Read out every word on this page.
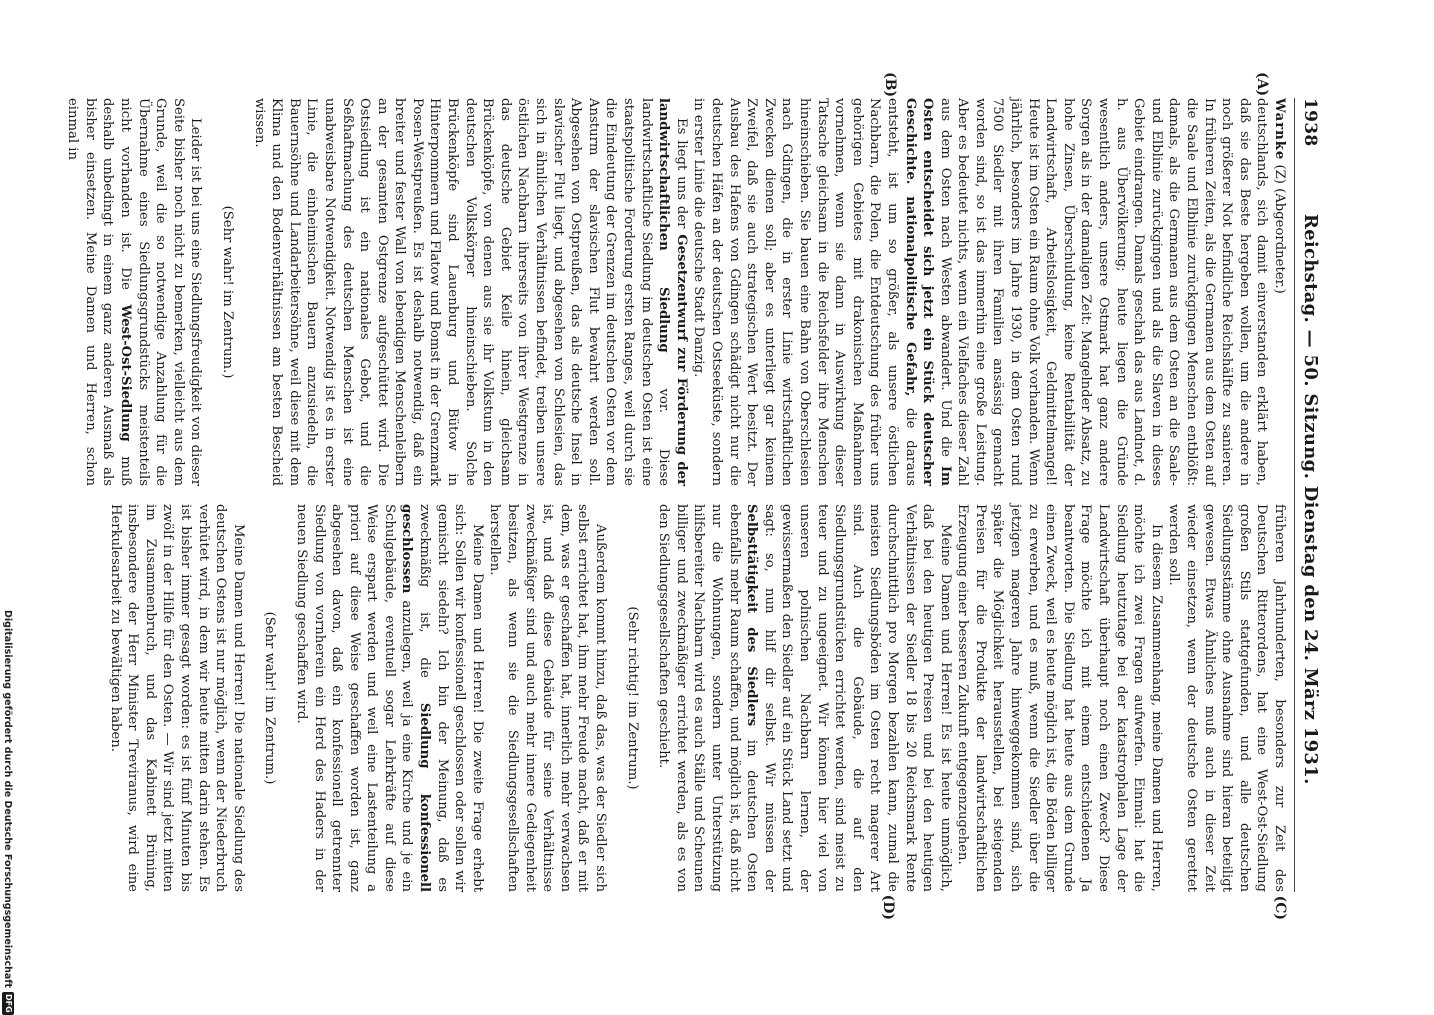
1938
Reichstag. — 50. Sitzung. Dienstag den 24. März 1931.
(A)
(B)

Warnke (Z) (Abgeordneter.)

deutschlands, sich damit einverstanden erklärt haben, daß sie das Beste hergeben wollen, um die andere in noch größerer Not befindliche Reichshälfte zu sanieren. In früheren Zeiten, als die Germanen aus dem Osten auf die Saale und Elblinie zurückgingen Menschen entblößt: damals, als die Germanen aus dem Osten an die Saale- und Elblinie zurückgingen und als die Slaven in dieses Gebiet eindrangen. Damals geschah das aus Landnot, d. h. aus Übervölkerung; heute liegen die Gründe wesentlich anders, unsere Ostmark hat ganz andere Sorgen als in der damaligen Zeit: Mangelnder Absatz, zu hohe Zinsen, Überschuldung, keine Rentabilität der Landwirtschaft, Arbeitslosigkeit, Geldmittelmangel! Heute ist im Osten ein Raum ohne Volk vorhanden. Wenn jährlich, besonders im Jahre 1930, in dem Osten rund 7500 Siedler mit ihren Familien ansässig gemacht worden sind, so ist das immerhin eine große Leistung. Aber es bedeutet nichts, wenn ein Vielfaches dieser Zahl aus dem Osten nach Westen abwandert. Und die Im Osten entscheidet sich jetzt ein Stück deutscher Geschichte. nationalpolitische Gefahr, die daraus entsteht, ist um so größer, als unsere östlichen Nachbarn, die Polen, die Entdeutschung des früher uns gehörigen Gebietes mit drakonischen Maßnahmen vornehmen, wenn sie dann in Auswirkung dieser Tatsache gleichsam in die Reichsfelder ihre Menschen hineinschieben. Sie bauen eine Bahn von Oberschlesien nach Gdingen, die in erster Linie wirtschaftlichen Zwecken dienen soll; aber es unterliegt gar keinem Zweifel, daß sie auch strategischen Wert besitzt. Der Ausbau des Hafens von Gdingen schädigt nicht nur die deutschen Häfen an der deutschen Ostseeküste, sondern in erster Linie die deutsche Stadt Danzig.

Es liegt uns der Gesetzentwurf zur Förderung der landwirtschaftlichen Siedlung vor. Diese landwirtschaftliche Siedlung im deutschen Osten ist eine staatspolitische Forderung ersten Ranges, weil durch sie die Eindeutung der Grenzen im deutschen Osten vor dem Ansturm der slavischen Flut bewahrt werden soll. Abgesehen von Ostpreußen, das als deutsche Insel in slavischer Flut liegt, und abgesehen von Schlesien, das sich in ähnlichen Verhältnissen befindet, treiben unsere östlichen Nachbarn ihrerseits von ihrer Westgrenze in das deutsche Gebiet Keile hinein, gleichsam Brückenköpfe, von denen aus sie ihr Volkstum in den deutschen Volkskörper hineinschieben. Solche Brückenköpfe sind Lauenburg und Bütow in Hinterpommern und Flatow und Bomst in der Grenzmark Posen-Westpreußen. Es ist deshalb notwendig, daß ein breiter und fester Wall von lebendigen Menschenleibern an der gesamten Ostgrenze aufgeschüttet wird. Die Ostsiedlung ist ein nationales Gebot, und die Seßhaftmachung des deutschen Menschen ist eine unabweisbare Notwendigkeit. Notwendig ist es in erster Linie, die einheimischen Bauern anzusiedeln, die Bauernsöhne und Landarbeitersöhne, weil diese mit dem Klima und den Bodenverhältnissen am besten Bescheid wissen.

(Sehr wahr! im Zentrum.)

Leider ist bei uns eine Siedlungsfreudigkeit von dieser Seite bisher noch nicht zu bemerken, vielleicht aus dem Grunde, weil die so notwendige Anzahlung für die Übernahme eines Siedlungsgrundstücks meistenteils nicht vorhanden ist. Die West-Ost-Siedlung muß deshalb unbedingt in einem ganz anderen Ausmaß als bisher einsetzen. Meine Damen und Herren, schon einmal in

(C)
(D)

früheren Jahrhunderten, besonders zur Zeit des Deutschen Ritterordens, hat eine West-Ost-Siedlung großen Stils stattgefunden, und alle deutschen Siedlungsstämme ohne Ausnahme sind hieran beteiligt gewesen. Etwas Ähnliches muß auch in dieser Zeit wieder einsetzen, wenn der deutsche Osten gerettet werden soll.

In diesem Zusammenhang, meine Damen und Herren, möchte ich zwei Fragen aufwerfen. Einmal: hat die Siedlung heutzutage bei der katastrophalen Lage der Landwirtschaft überhaupt noch einen Zweck? Diese Frage möchte ich mit einem entschiedenen Ja beantworten. Die Siedlung hat heute aus dem Grunde einen Zweck, weil es heute möglich ist, die Böden billiger zu erwerben, und es muß, wenn die Siedler über die jetzigen mageren Jahre hinweggekommen sind, sich später die Möglichkeit herausstellen, bei steigenden Preisen für die Produkte der landwirtschaftlichen Erzeugung einer besseren Zukunft entgegenzugehen.

Meine Damen und Herren! Es ist heute unmöglich, daß bei den heutigen Preisen und bei den heutigen Verhältnissen der Siedler 18 bis 20 Reichsmark Rente durchschnittlich pro Morgen bezahlen kann, zumal die meisten Siedlungsböden im Osten recht magerer Art sind. Auch die Gebäude, die auf den Siedlungsgrundstücken errichtet werden, sind meist zu teuer und zu ungeeignet. Wir können hier viel von unseren polnischen Nachbarn lernen, der gewissermaßen den Siedler auf ein Stück Land setzt und sagt: so, nun hilf dir selbst. Wir müssen der Selbsttätigkeit des Siedlers im deutschen Osten ebenfalls mehr Raum schaffen, und möglich ist, daß nicht nur die Wohnungen, sondern unter Unterstützung hilfsbereiter Nachbarn wird es auch Ställe und Scheunen billiger und zweckmäßiger errichtet werden, als es von den Siedlungsgesellschaften geschieht.

(Sehr richtig! im Zentrum.)

Außerdem kommt hinzu, daß das, was der Siedler sich selbst errichtet hat, ihm mehr Freude macht, daß er mit dem, was er geschaffen hat, innerlich mehr verwachsen ist, und daß diese Gebäude für seine Verhältnisse zweckmäßiger sind und auch mehr innere Gediegenheit besitzen, als wenn sie die Siedlungsgesellschaften herstellen.

Meine Damen und Herren! Die zweite Frage erhebt sich: Sollen wir konfessionell geschlossen oder sollen wir gemischt siedeln? Ich bin der Meinung, daß es zweckmäßig ist, die Siedlung konfessionell geschlossen anzulegen, weil ja eine Kirche und je ein Schulgebäude, eventuell sogar Lehrkräfte auf diese Weise erspart werden und weil eine Lastenteilung a priori auf diese Weise geschaffen worden ist, ganz abgesehen davon, daß ein konfessionell getrennter Siedlung von vornherein ein Herd des Haders in der neuen Siedlung geschaffen wird.

(Sehr wahr! im Zentrum.)

Meine Damen und Herren! Die nationale Siedlung des deutschen Ostens ist nur möglich, wenn der Niederbruch verhütet wird, in dem wir heute mitten darin stehen. Es ist bisher immer gesagt worden: es ist fünf Minuten bis zwölf in der Hilfe für den Osten. — Wir sind jetzt mitten im Zusammenbruch, und das Kabinett Brüning, insbesondere der Herr Minister Treviranus, wird eine Herkulesarbeit zu bewältigen haben.

Digitalisierung gefördert durch die Deutsche Forschungsgemeinschaft
DFG
